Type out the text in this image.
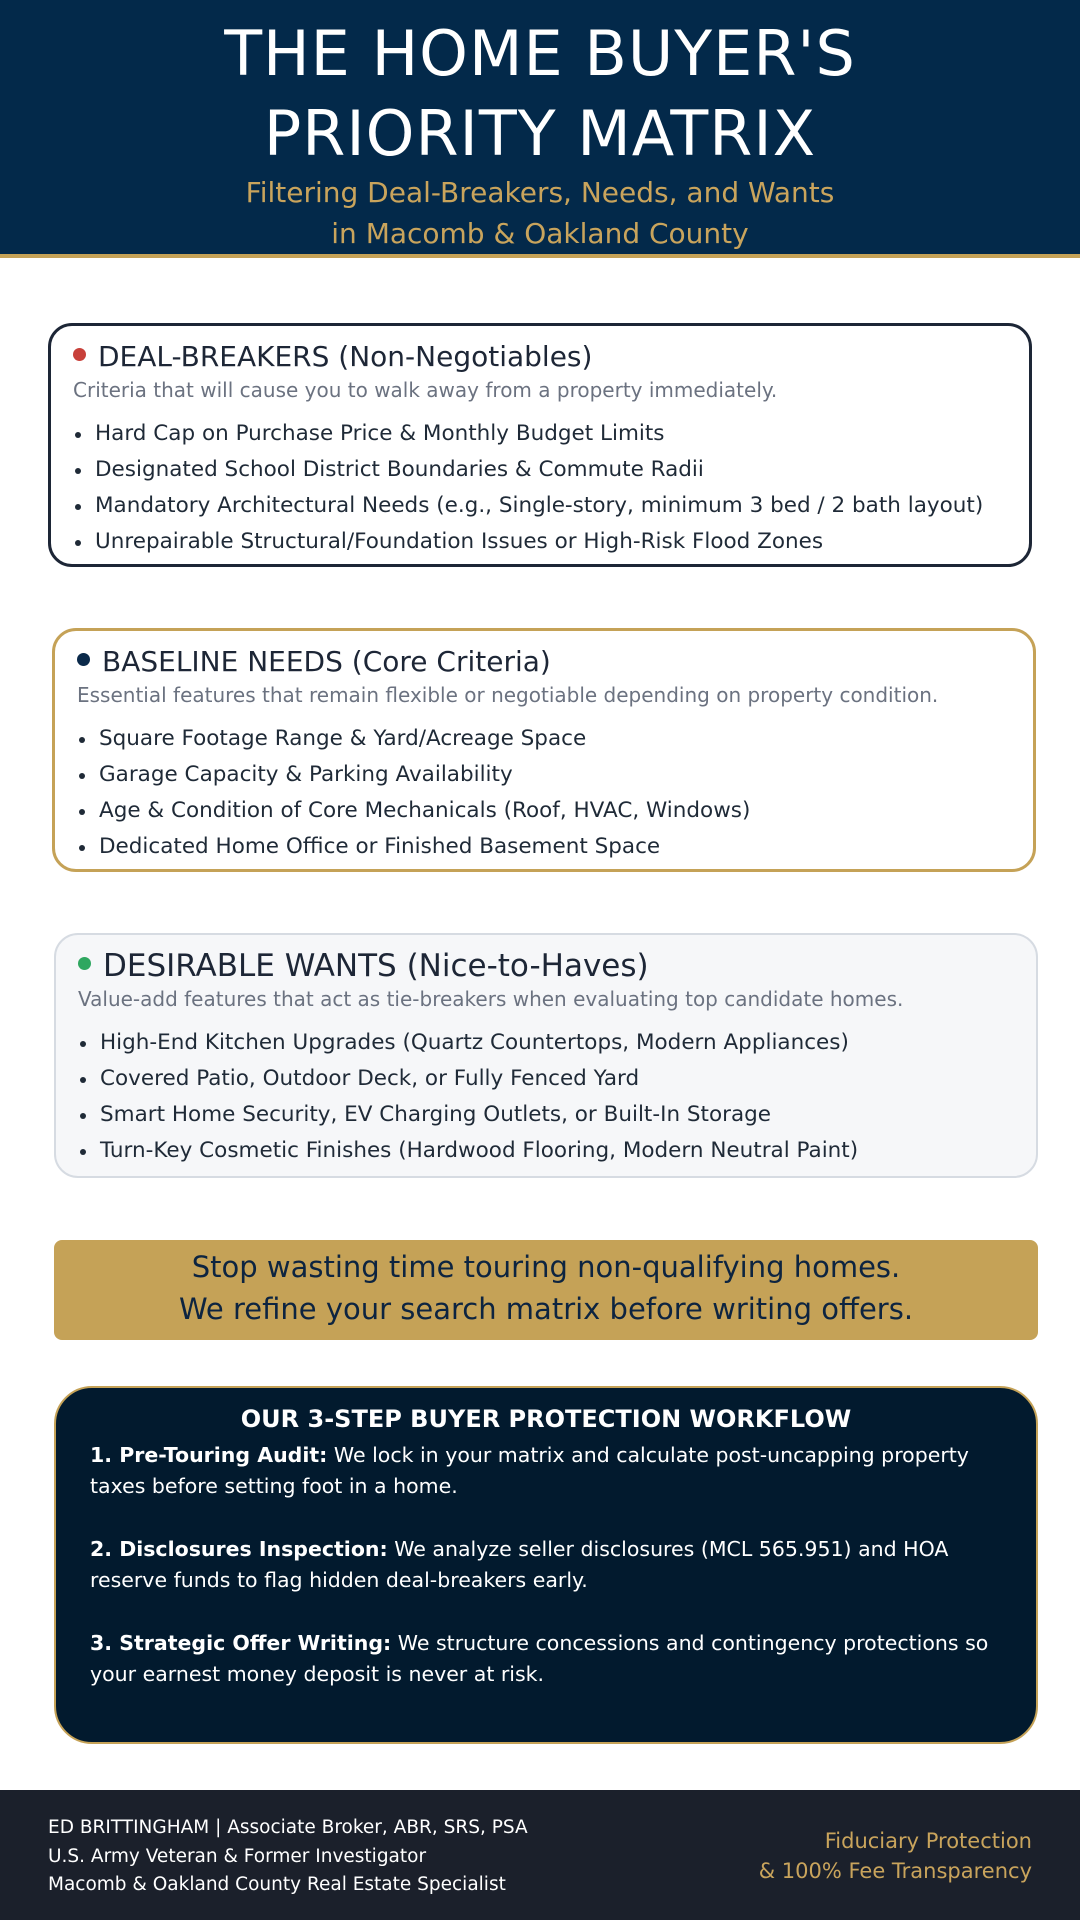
THE HOME BUYER'S
PRIORITY MATRIX
Filtering Deal-Breakers, Needs, and Wants
in Macomb & Oakland County
DEAL-BREAKERS (Non-Negotiables)

Criteria that will cause you to walk away from a property immediately.

Hard Cap on Purchase Price & Monthly Budget Limits
Designated School District Boundaries & Commute Radii
Mandatory Architectural Needs (e.g., Single-story, minimum 3 bed / 2 bath layout)
Unrepairable Structural/Foundation Issues or High-Risk Flood Zones
BASELINE NEEDS (Core Criteria)

Essential features that remain flexible or negotiable depending on property condition.

Square Footage Range & Yard/Acreage Space
Garage Capacity & Parking Availability
Age & Condition of Core Mechanicals (Roof, HVAC, Windows)
Dedicated Home Office or Finished Basement Space
DESIRABLE WANTS (Nice-to-Haves)

Value-add features that act as tie-breakers when evaluating top candidate homes.

High-End Kitchen Upgrades (Quartz Countertops, Modern Appliances)
Covered Patio, Outdoor Deck, or Fully Fenced Yard
Smart Home Security, EV Charging Outlets, or Built-In Storage
Turn-Key Cosmetic Finishes (Hardwood Flooring, Modern Neutral Paint)
Stop wasting time touring non-qualifying homes.
We refine your search matrix before writing offers.
OUR 3-STEP BUYER PROTECTION WORKFLOW

1. Pre-Touring Audit: We lock in your matrix and calculate post-uncapping property taxes before setting foot in a home.

2. Disclosures Inspection: We analyze seller disclosures (MCL 565.951) and HOA reserve funds to flag hidden deal-breakers early.

3. Strategic Offer Writing: We structure concessions and contingency protections so your earnest money deposit is never at risk.

ED BRITTINGHAM | Associate Broker, ABR, SRS, PSA
U.S. Army Veteran & Former Investigator
Macomb & Oakland County Real Estate Specialist
Fiduciary Protection
& 100% Fee Transparency
